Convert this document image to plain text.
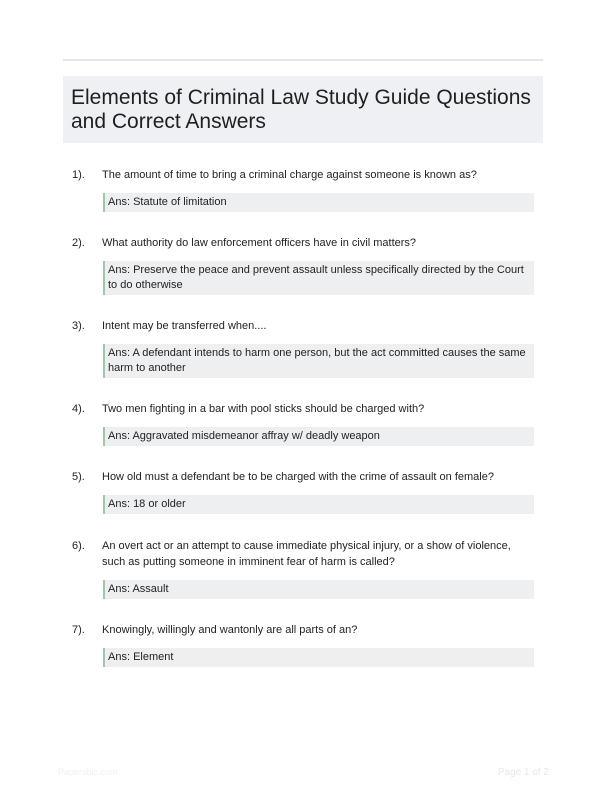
Elements of Criminal Law Study Guide Questions and Correct Answers
1).	The amount of time to bring a criminal charge against someone is known as?
Ans: Statute of limitation
2).	What authority do law enforcement officers have in civil matters?
Ans: Preserve the peace and prevent assault unless specifically directed by the Court to do otherwise
3).	Intent may be transferred when....
Ans: A defendant intends to harm one person, but the act committed causes the same harm to another
4).	Two men fighting in a bar with pool sticks should be charged with?
Ans: Aggravated misdemeanor affray w/ deadly weapon
5).	How old must a defendant be to be charged with the crime of assault on female?
Ans: 18 or older
6).	An overt act or an attempt to cause immediate physical injury, or a show of violence, such as putting someone in imminent fear of harm is called?
Ans: Assault
7).	Knowingly, willingly and wantonly are all parts of an?
Ans: Element
Papersbic.com	Page 1 of 2
